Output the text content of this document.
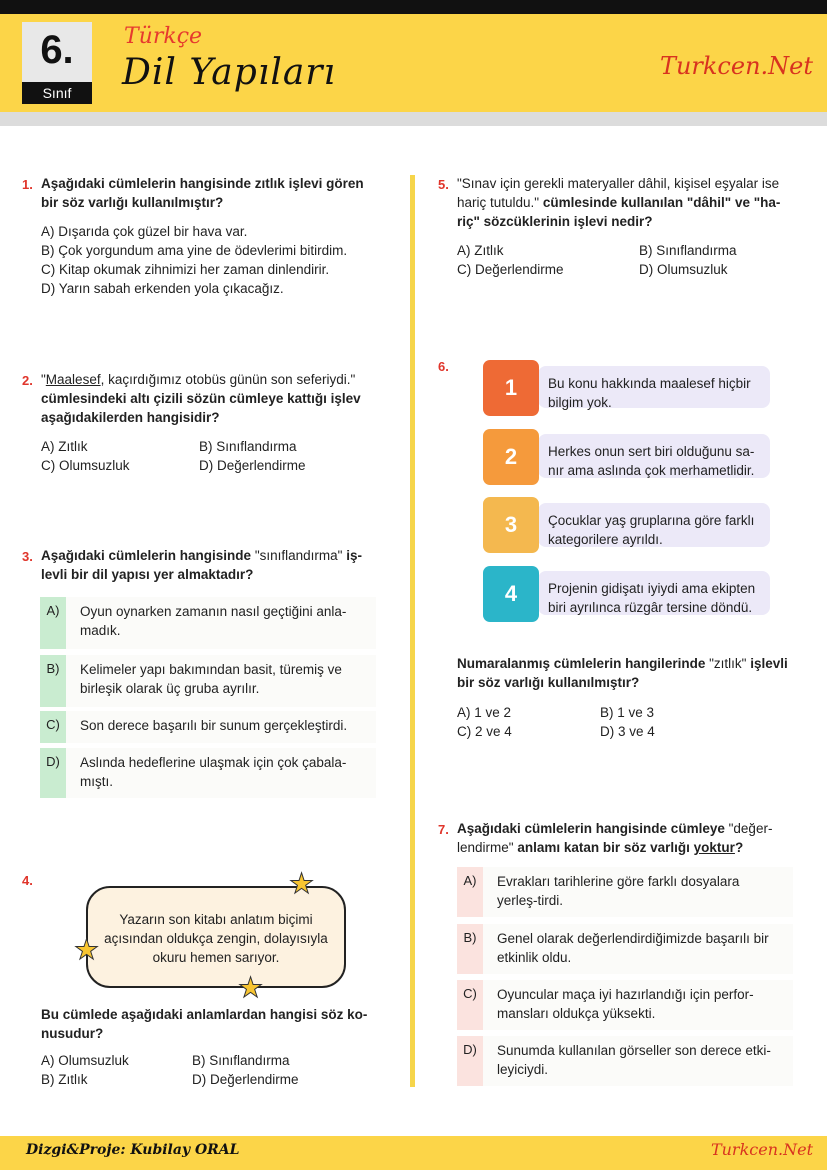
6.
Sınıf
Türkçe
Dil Yapıları	Turkcen.Net
1. Aşağıdaki cümlelerin hangisinde zıtlık işlevi gören
bir söz varlığı kullanılmıştır?
A) Dışarıda çok güzel bir hava var.
B) Çok yorgundum ama yine de ödevlerimi bitirdim.
C) Kitap okumak zihnimizi her zaman dinlendirir.
D) Yarın sabah erkenden yola çıkacağız.
2. "Maalesef, kaçırdığımız otobüs günün son seferiydi."
cümlesindeki altı çizili sözün cümleye kattığı işlev
aşağıdakilerden hangisidir?
A) Zıtlık	B) Sınıflandırma
C) Olumsuzluk	D) Değerlendirme
3. Aşağıdaki cümlelerin hangisinde "sınıflandırma" iş-
levli bir dil yapısı yer almaktadır?
A)	Oyun oynarken zamanın nasıl geçtiğini anla-madık.
B)	Kelimeler yapı bakımından basit, türemiş ve birleşik olarak üç gruba ayrılır.
C)	Son derece başarılı bir sunum gerçekleştirdi.
D)	Aslında hedeflerine ulaşmak için çok çabala-mıştı.
4.
Yazarın son kitabı anlatım biçimi açısından oldukça zengin, dolayısıyla okuru hemen sarıyor.
★
★
★
Bu cümlede aşağıdaki anlamlardan hangisi söz ko-nusudur?
A) Olumsuzluk	B) Sınıflandırma
B) Zıtlık	D) Değerlendirme
5. "Sınav için gerekli materyaller dâhil, kişisel eşyalar ise
hariç tutuldu." cümlesinde kullanılan "dâhil" ve "ha-
riç" sözcüklerinin işlevi nedir?
A) Zıtlık	B) Sınıflandırma
C) Değerlendirme	D) Olumsuzluk
6.
Bu konu hakkında maalesef hiçbir bilgim yok.
1
Herkes onun sert biri olduğunu sa-nır ama aslında çok merhametlidir.
2
Çocuklar yaş gruplarına göre farklı kategorilere ayrıldı.
3
Projenin gidişatı iyiydi ama ekipten biri ayrılınca rüzgâr tersine döndü.
4
Numaralanmış cümlelerin hangilerinde "zıtlık" işlevli
bir söz varlığı kullanılmıştır?
A) 1 ve 2	B) 1 ve 3
C) 2 ve 4	D) 3 ve 4
7. Aşağıdaki cümlelerin hangisinde cümleye "değer-
lendirme" anlamı katan bir söz varlığı yoktur?
A)	Evrakları tarihlerine göre farklı dosyalara yerleş-tirdi.
B)	Genel olarak değerlendirdiğimizde başarılı bir etkinlik oldu.
C)	Oyuncular maça iyi hazırlandığı için perfor-mansları oldukça yüksekti.
D)	Sunumda kullanılan görseller son derece etki-leyiciydi.
Dizgi&Proje: Kubilay ORAL	Turkcen.Net
